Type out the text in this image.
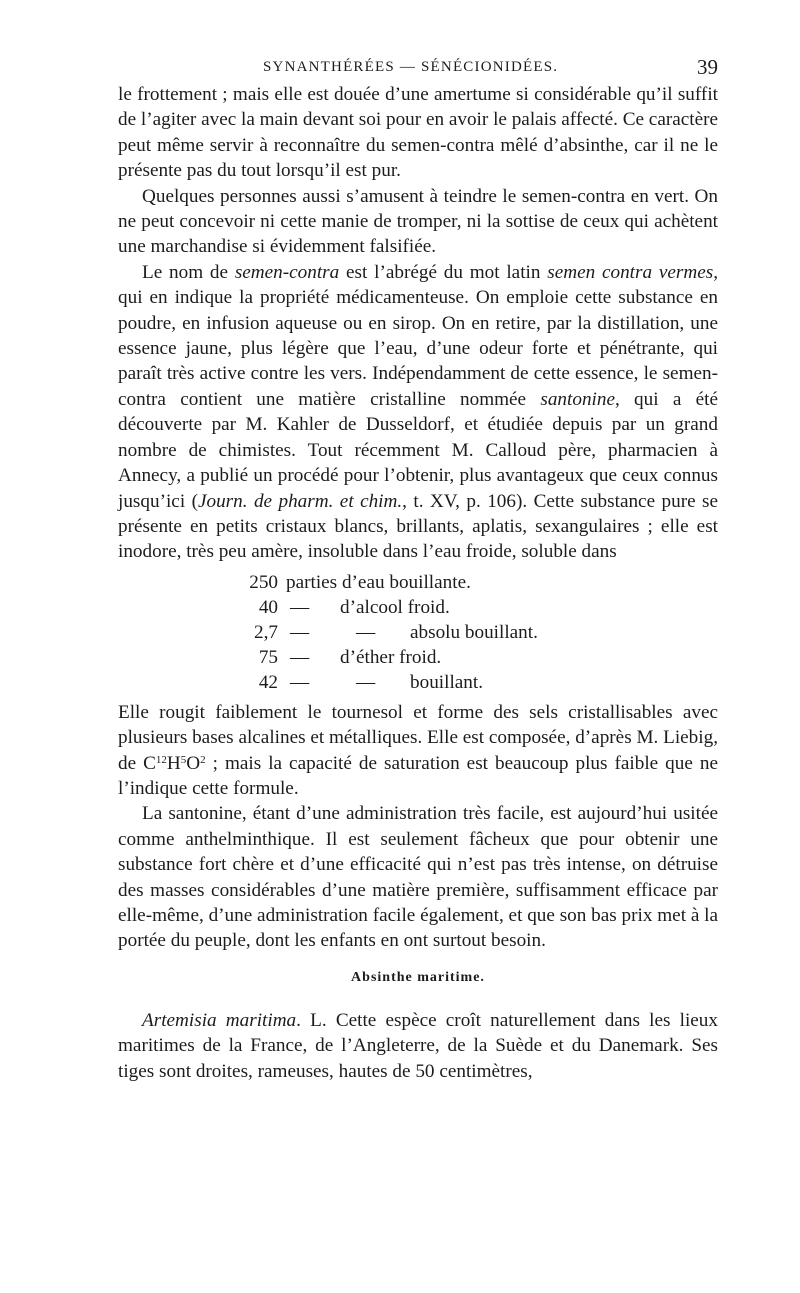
SYNANTHÉRÉES — SÉNÉCIONIDÉES.	39

le frottement ; mais elle est douée d’une amertume si considérable qu’il suffit de l’agiter avec la main devant soi pour en avoir le palais affecté. Ce caractère peut même servir à reconnaître du semen-contra mêlé d’absinthe, car il ne le présente pas du tout lorsqu’il est pur.

Quelques personnes aussi s’amusent à teindre le semen-contra en vert. On ne peut concevoir ni cette manie de tromper, ni la sottise de ceux qui achètent une marchandise si évidemment falsifiée.

Le nom de semen-contra est l’abrégé du mot latin semen contra vermes, qui en indique la propriété médicamenteuse. On emploie cette substance en poudre, en infusion aqueuse ou en sirop. On en retire, par la distillation, une essence jaune, plus légère que l’eau, d’une odeur forte et pénétrante, qui paraît très active contre les vers. Indépendamment de cette essence, le semen-contra contient une matière cristalline nommée santonine, qui a été découverte par M. Kahler de Dusseldorf, et étudiée depuis par un grand nombre de chimistes. Tout récemment M. Calloud père, pharmacien à Annecy, a publié un procédé pour l’obtenir, plus avantageux que ceux connus jusqu’ici (Journ. de pharm. et chim., t. XV, p. 106). Cette substance pure se présente en petits cristaux blancs, brillants, aplatis, sexangulaires ; elle est inodore, très peu amère, insoluble dans l’eau froide, soluble dans

250 parties d’eau bouillante.
40 — d’alcool froid.
2,7 — — absolu bouillant.
75 — d’éther froid.
42 — — bouillant.

Elle rougit faiblement le tournesol et forme des sels cristallisables avec plusieurs bases alcalines et métalliques. Elle est composée, d’après M. Liebig, de $C^{12}H^5O^2$ ; mais la capacité de saturation est beaucoup plus faible que ne l’indique cette formule.

La santonine, étant d’une administration très facile, est aujourd’hui usitée comme anthelminthique. Il est seulement fâcheux que pour obtenir une substance fort chère et d’une efficacité qui n’est pas très intense, on détruise des masses considérables d’une matière première, suffisamment efficace par elle-même, d’une administration facile également, et que son bas prix met à la portée du peuple, dont les enfants en ont surtout besoin.

Absinthe maritime.

Artemisia maritima. L. Cette espèce croît naturellement dans les lieux maritimes de la France, de l’Angleterre, de la Suède et du Danemark. Ses tiges sont droites, rameuses, hautes de 50 centimètres,
